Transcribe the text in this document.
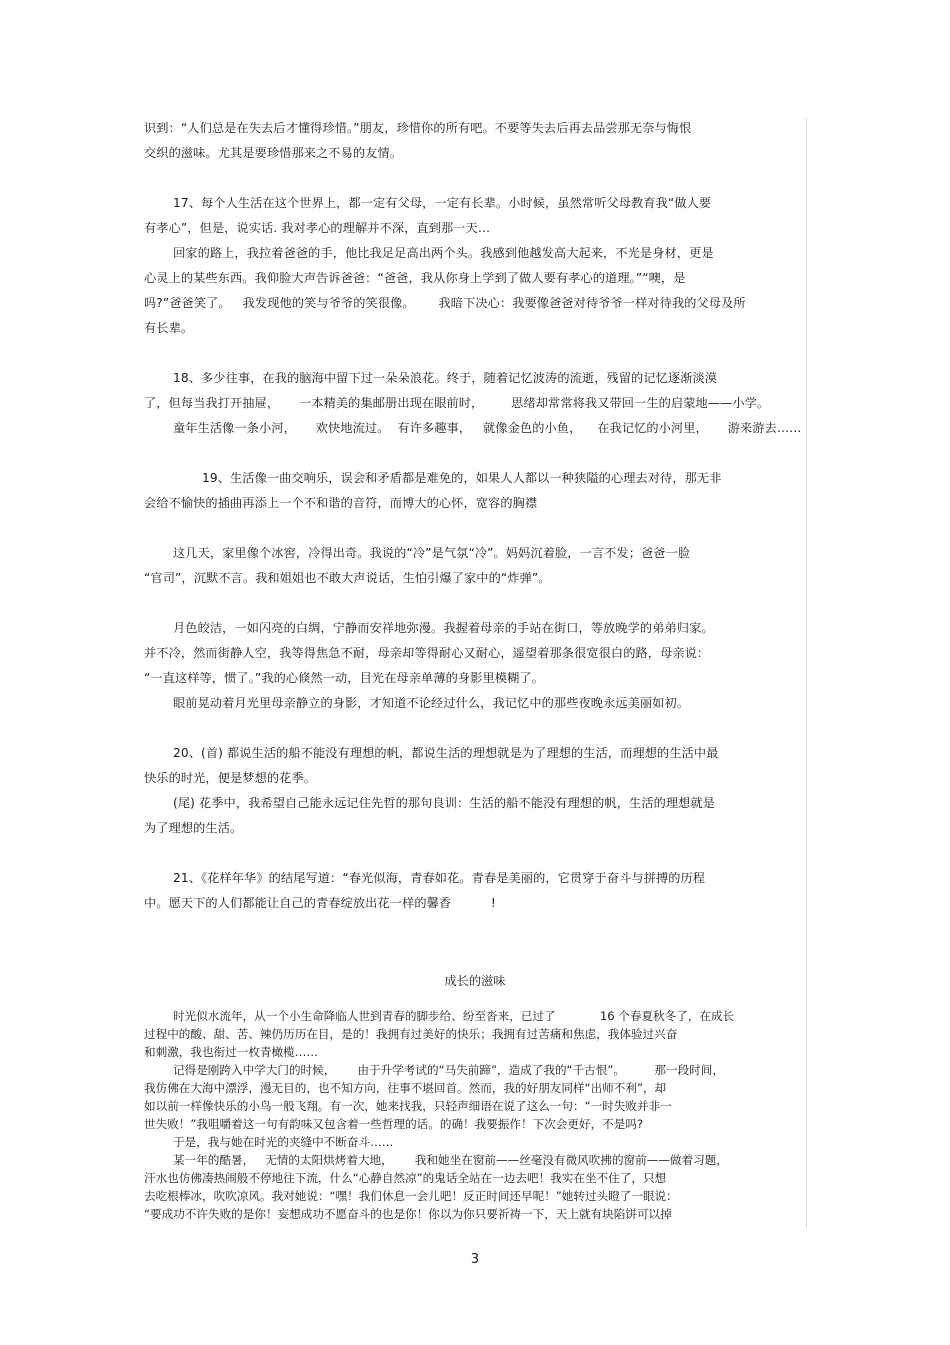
识到：“人们总是在失去后才懂得珍惜。”朋友，珍惜你的所有吧。不要等失去后再去品尝那无奈与悔恨
交织的滋味。尤其是要珍惜那来之不易的友情。
17、每个人生活在这个世界上，都一定有父母，一定有长辈。小时候，虽然常听父母教育我“做人要
有孝心”，但是，说实话. 我对孝心的理解并不深，直到那一天…
回家的路上，我拉着爸爸的手，他比我足足高出两个头。我感到他越发高大起来，不光是身材，更是
心灵上的某些东西。我仰脸大声告诉爸爸：“爸爸，我从你身上学到了做人要有孝心的道理。”“噢，是
吗?”爸爸笑了。   我发现他的笑与爷爷的笑很像。      我暗下决心：我要像爸爸对待爷爷一样对待我的父母及所
有长辈。
18、多少往事，在我的脑海中留下过一朵朵浪花。终于，随着记忆波涛的流逝，残留的记忆逐渐淡漠
了，但每当我打开抽屉，     一本精美的集邮册出现在眼前时，       思绪却常常将我又带回一生的启蒙地——小学。
童年生活像一条小河，     欢快地流过。  有许多趣事，   就像金色的小鱼，    在我记忆的小河里，     游来游去……
19、生活像一曲交响乐，误会和矛盾都是难免的，如果人人都以一种狭隘的心理去对待，那无非
会给不愉快的插曲再添上一个不和谐的音符，而博大的心怀，宽容的胸襟
这几天，家里像个冰窖，冷得出奇。我说的“冷”是气氛“冷”。妈妈沉着脸，一言不发；爸爸一脸
“官司”，沉默不言。我和姐姐也不敢大声说话，生怕引爆了家中的“炸弹”。
月色皎洁，一如闪亮的白绸，宁静而安祥地弥漫。我握着母亲的手站在街口，等放晚学的弟弟归家。
并不冷，然而街静人空，我等得焦急不耐，母亲却等得耐心又耐心，遥望着那条很宽很白的路，母亲说：
“一直这样等，惯了。”我的心倏然一动，目光在母亲单薄的身影里模糊了。
眼前晃动着月光里母亲静立的身影，才知道不论经过什么，我记忆中的那些夜晚永远美丽如初。
20、(首) 都说生活的船不能没有理想的帆，都说生活的理想就是为了理想的生活，而理想的生活中最
快乐的时光，便是梦想的花季。
(尾) 花季中，我希望自己能永远记住先哲的那句良训：生活的船不能没有理想的帆，生活的理想就是
为了理想的生活。
21、《花样年华》的结尾写道：“春光似海，青春如花。青春是美丽的，它贯穿于奋斗与拼搏的历程
中。愿天下的人们都能让自己的青春绽放出花一样的馨香          !
成长的滋味
时光似水流年，从一个小生命降临人世到青春的脚步给、纷至沓来，已过了            16 个春夏秋冬了，在成长
过程中的酸、甜、苦、辣仍历历在目，是的！我拥有过美好的快乐；我拥有过苦痛和焦虑，我体验过兴奋
和刺激，我也衔过一枚青橄榄……
记得是刚跨入中学大门的时候，      由于升学考试的“马失前蹄”，造成了我的“千古恨”。        那一段时间，
我仿佛在大海中漂浮，漫无目的，也不知方向，往事不堪回首。然而，我的好朋友同样“出师不利”，却
如以前一样像快乐的小鸟一般飞翔。有一次，她来找我，只轻声细语在说了这么一句：“一时失败并非一
世失败！”我咀嚼着这一句有韵味又包含着一些哲理的话。的确！我要振作！下次会更好，不是吗?
于是，我与她在时光的夹缝中不断奋斗……
某一年的酷暑，   无情的太阳烘烤着大地，      我和她坐在窗前——丝毫没有微风吹拂的窗前——做着习题，
汗水也仿佛凑热闹般不停地往下流，什么“心静自然凉”的鬼话全站在一边去吧！我实在坐不住了，只想
去吃根棒冰，吹吹凉风。我对她说：“嘿！我们休息一会儿吧！反正时间还早呢！”她转过头瞪了一眼说：
“要成功不许失败的是你！妄想成功不愿奋斗的也是你！你以为你只要祈祷一下，天上就有块陷饼可以掉
3
